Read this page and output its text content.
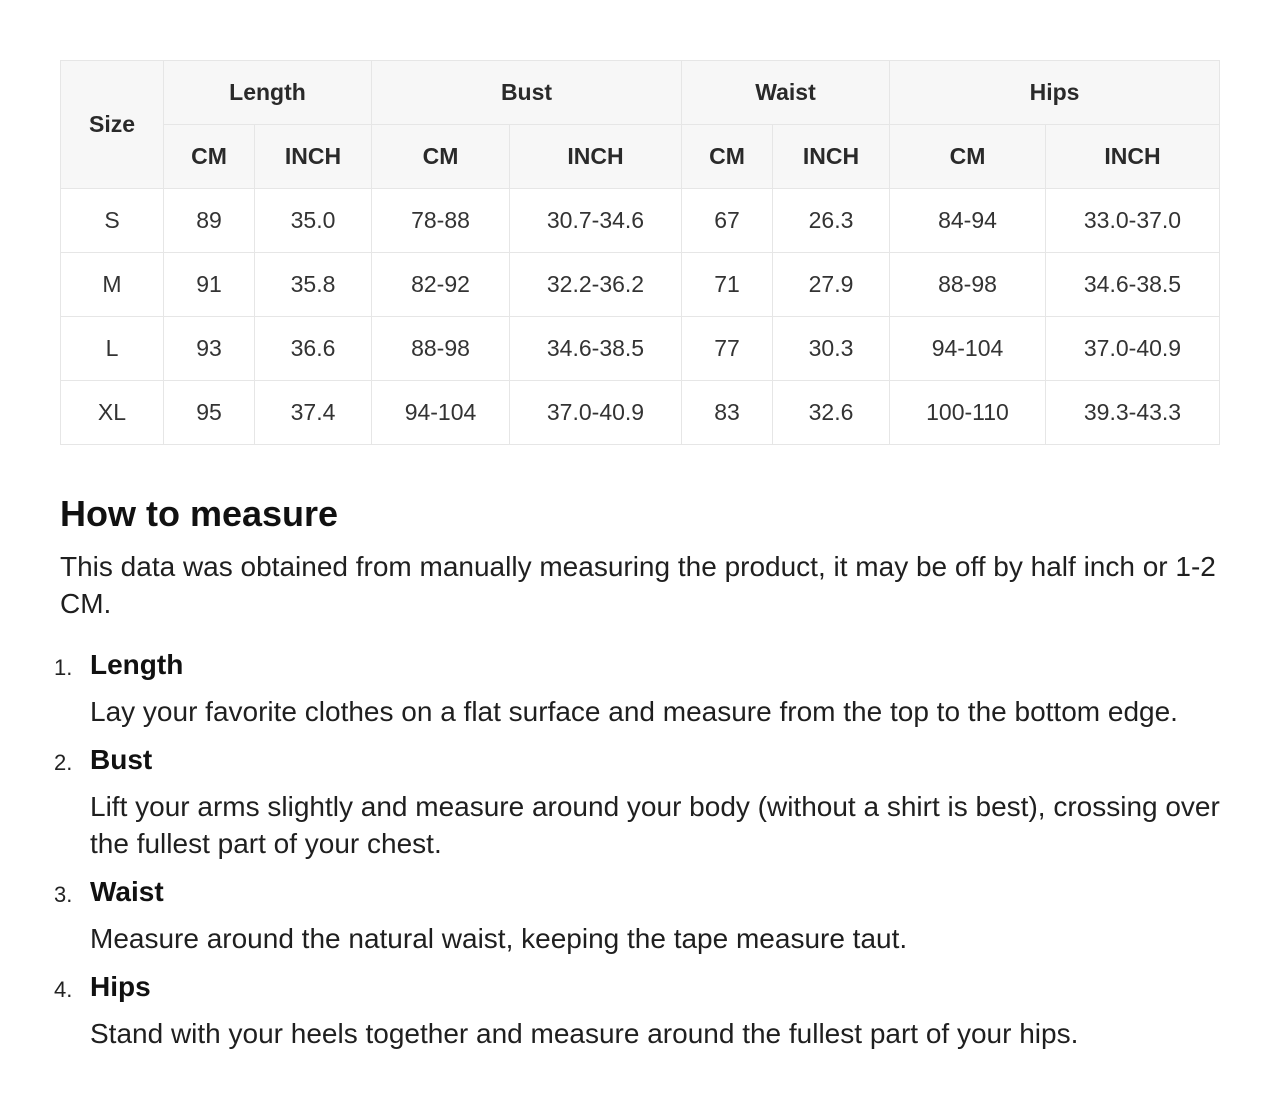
Size	Length		Bust		Waist		Hips	
	CM	INCH	CM	INCH	CM	INCH	CM	INCH
S	89	35.0	78-88	30.7-34.6	67	26.3	84-94	33.0-37.0
M	91	35.8	82-92	32.2-36.2	71	27.9	88-98	34.6-38.5
L	93	36.6	88-98	34.6-38.5	77	30.3	94-104	37.0-40.9
XL	95	37.4	94-104	37.0-40.9	83	32.6	100-110	39.3-43.3
How to measure

This data was obtained from manually measuring the product, it may be off by half inch or 1-2 CM.

1. Length
Lay your favorite clothes on a flat surface and measure from the top to the bottom edge.
2. Bust
Lift your arms slightly and measure around your body (without a shirt is best), crossing over the fullest part of your chest.
3. Waist
Measure around the natural waist, keeping the tape measure taut.
4. Hips
Stand with your heels together and measure around the fullest part of your hips.
